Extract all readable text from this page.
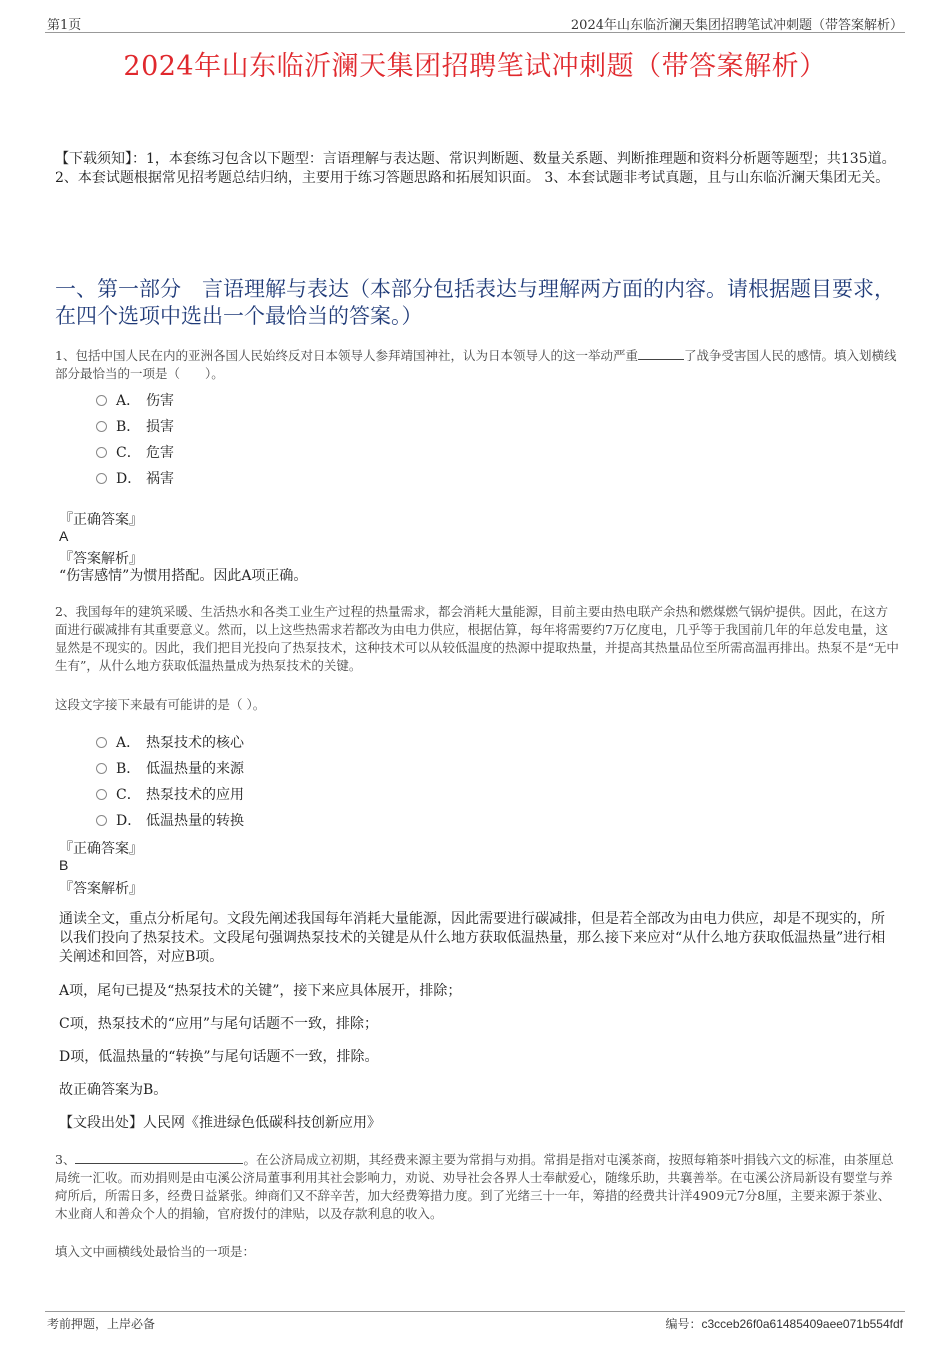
第1页	2024年山东临沂澜天集团招聘笔试冲刺题（带答案解析）
2024年山东临沂澜天集团招聘笔试冲刺题（带答案解析）
【下载须知】：1，本套练习包含以下题型：言语理解与表达题、常识判断题、数量关系题、判断推理题和资料分析题等题型；共135道。 2、本套试题根据常见招考题总结归纳，主要用于练习答题思路和拓展知识面。 3、本套试题非考试真题，且与山东临沂澜天集团无关。
一、第一部分　言语理解与表达（本部分包括表达与理解两方面的内容。请根据题目要求，在四个选项中选出一个最恰当的答案。）
1、包括中国人民在内的亚洲各国人民始终反对日本领导人参拜靖国神社，认为日本领导人的这一举动严重	了战争受害国人民的感情。填入划横线部分最恰当的一项是（　　）。
A． 伤害
B． 损害
C． 危害
D． 祸害
『正确答案』
A
『答案解析』
“伤害感情”为惯用搭配。因此A项正确。
2、我国每年的建筑采暖、生活热水和各类工业生产过程的热量需求，都会消耗大量能源，目前主要由热电联产余热和燃煤燃气锅炉提供。因此，在这方面进行碳减排有其重要意义。然而，以上这些热需求若都改为由电力供应，根据估算，每年将需要约7万亿度电，几乎等于我国前几年的年总发电量，这显然是不现实的。因此，我们把目光投向了热泵技术，这种技术可以从较低温度的热源中提取热量，并提高其热量品位至所需高温再排出。热泵不是“无中生有”，从什么地方获取低温热量成为热泵技术的关键。
这段文字接下来最有可能讲的是（ ）。
A． 热泵技术的核心
B． 低温热量的来源
C． 热泵技术的应用
D． 低温热量的转换
『正确答案』
B
『答案解析』
通读全文，重点分析尾句。文段先阐述我国每年消耗大量能源，因此需要进行碳减排，但是若全部改为由电力供应，却是不现实的，所以我们投向了热泵技术。文段尾句强调热泵技术的关键是从什么地方获取低温热量，那么接下来应对“从什么地方获取低温热量”进行相关阐述和回答，对应B项。
A项，尾句已提及“热泵技术的关键”，接下来应具体展开，排除；
C项，热泵技术的“应用”与尾句话题不一致，排除；
D项，低温热量的“转换”与尾句话题不一致，排除。
故正确答案为B。
【文段出处】人民网《推进绿色低碳科技创新应用》
3、	。在公济局成立初期，其经费来源主要为常捐与劝捐。常捐是指对屯溪茶商，按照每箱茶叶捐钱六文的标准，由茶厘总局统一汇收。而劝捐则是由屯溪公济局董事利用其社会影响力，劝说、劝导社会各界人士奉献爱心，随缘乐助，共襄善举。在屯溪公济局新设有婴堂与养疴所后，所需日多，经费日益紧张。绅商们又不辞辛苦，加大经费筹措力度。到了光绪三十一年，筹措的经费共计洋4909元7分8厘，主要来源于茶业、木业商人和善众个人的捐输，官府拨付的津贴，以及存款利息的收入。
填入文中画横线处最恰当的一项是：
考前押题，上岸必备	编号：c3cceb26f0a61485409aee071b554fdf
